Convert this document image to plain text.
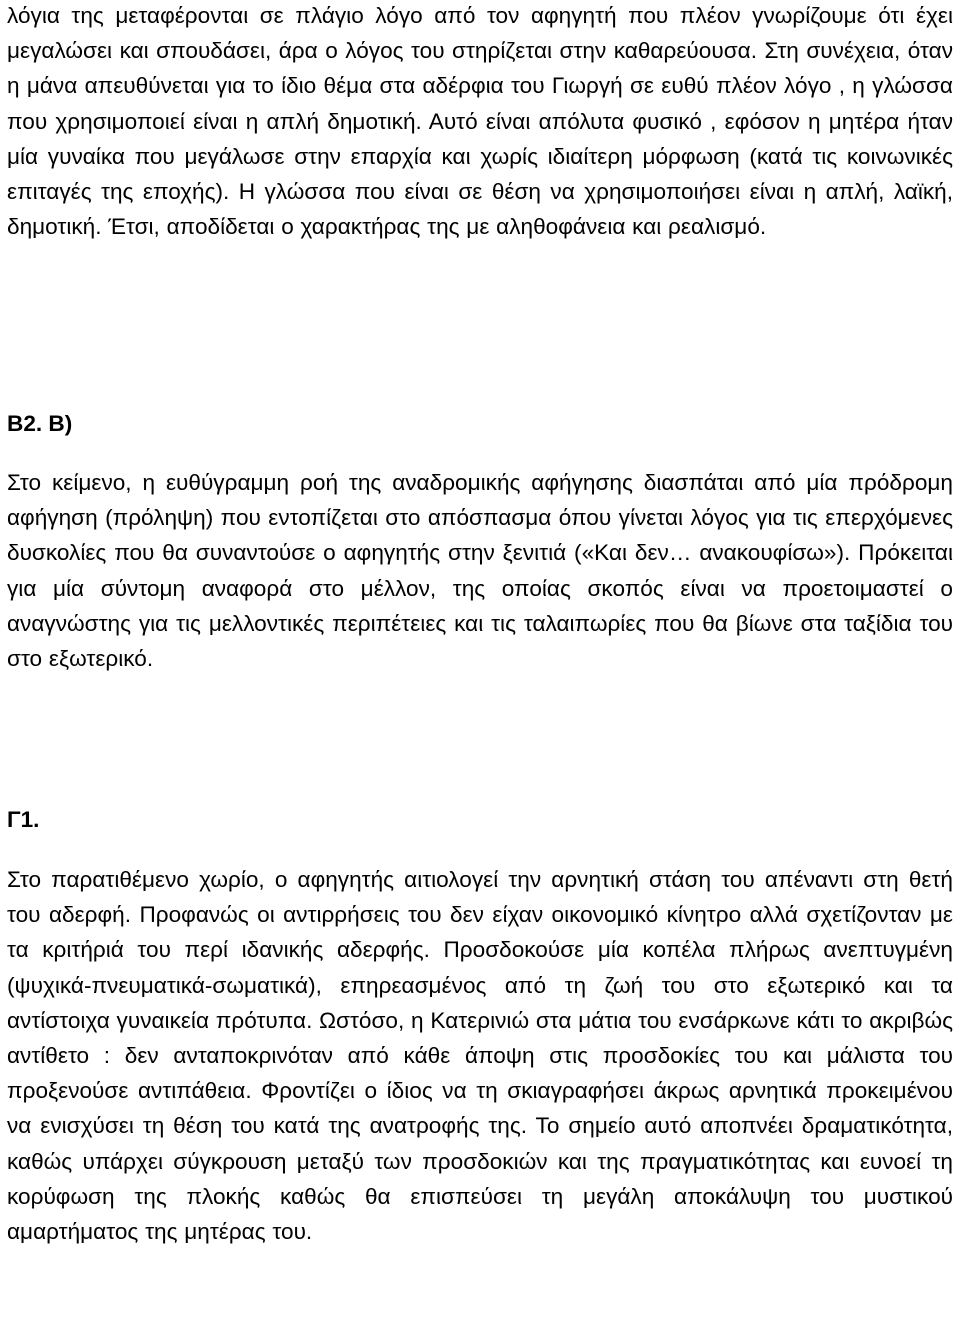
λόγια της μεταφέρονται σε πλάγιο λόγο από τον αφηγητή που πλέον γνωρίζουμε ότι έχει μεγαλώσει και σπουδάσει, άρα ο λόγος του στηρίζεται στην καθαρεύουσα. Στη συνέχεια, όταν η μάνα απευθύνεται για το ίδιο θέμα στα αδέρφια του Γιωργή σε ευθύ πλέον λόγο , η γλώσσα που χρησιμοποιεί είναι η απλή δημοτική. Αυτό είναι απόλυτα φυσικό , εφόσον η μητέρα ήταν μία γυναίκα που μεγάλωσε στην επαρχία και χωρίς ιδιαίτερη μόρφωση (κατά τις κοινωνικές επιταγές της εποχής). Η γλώσσα που είναι σε θέση να χρησιμοποιήσει είναι η απλή, λαϊκή, δημοτική. Έτσι, αποδίδεται ο χαρακτήρας της με αληθοφάνεια και ρεαλισμό.

Β2. Β)

Στο κείμενο, η ευθύγραμμη ροή της αναδρομικής αφήγησης διασπάται από μία πρόδρομη αφήγηση (πρόληψη) που εντοπίζεται στο απόσπασμα όπου γίνεται λόγος για τις επερχόμενες δυσκολίες που θα συναντούσε ο αφηγητής στην ξενιτιά («Και δεν… ανακουφίσω»). Πρόκειται για μία σύντομη αναφορά στο μέλλον, της οποίας σκοπός είναι να προετοιμαστεί ο αναγνώστης για τις μελλοντικές περιπέτειες και τις ταλαιπωρίες που θα βίωνε στα ταξίδια του στο εξωτερικό.

Γ1.

Στο παρατιθέμενο χωρίο, ο αφηγητής αιτιολογεί την αρνητική στάση του απέναντι στη θετή του αδερφή. Προφανώς οι αντιρρήσεις του δεν είχαν οικονομικό κίνητρο αλλά σχετίζονταν με τα κριτήριά του περί ιδανικής αδερφής. Προσδοκούσε μία κοπέλα πλήρως ανεπτυγμένη (ψυχικά-πνευματικά-σωματικά), επηρεασμένος από τη ζωή του στο εξωτερικό και τα αντίστοιχα γυναικεία πρότυπα. Ωστόσο, η Κατερινιώ στα μάτια του ενσάρκωνε κάτι το ακριβώς αντίθετο : δεν ανταποκρινόταν από κάθε άποψη στις προσδοκίες του και μάλιστα του προξενούσε αντιπάθεια. Φροντίζει ο ίδιος να τη σκιαγραφήσει άκρως αρνητικά προκειμένου να ενισχύσει τη θέση του κατά της ανατροφής της. Το σημείο αυτό αποπνέει δραματικότητα, καθώς υπάρχει σύγκρουση μεταξύ των προσδοκιών και της πραγματικότητας και ευνοεί τη κορύφωση της πλοκής καθώς θα επισπεύσει τη μεγάλη αποκάλυψη του μυστικού αμαρτήματος της μητέρας του.
